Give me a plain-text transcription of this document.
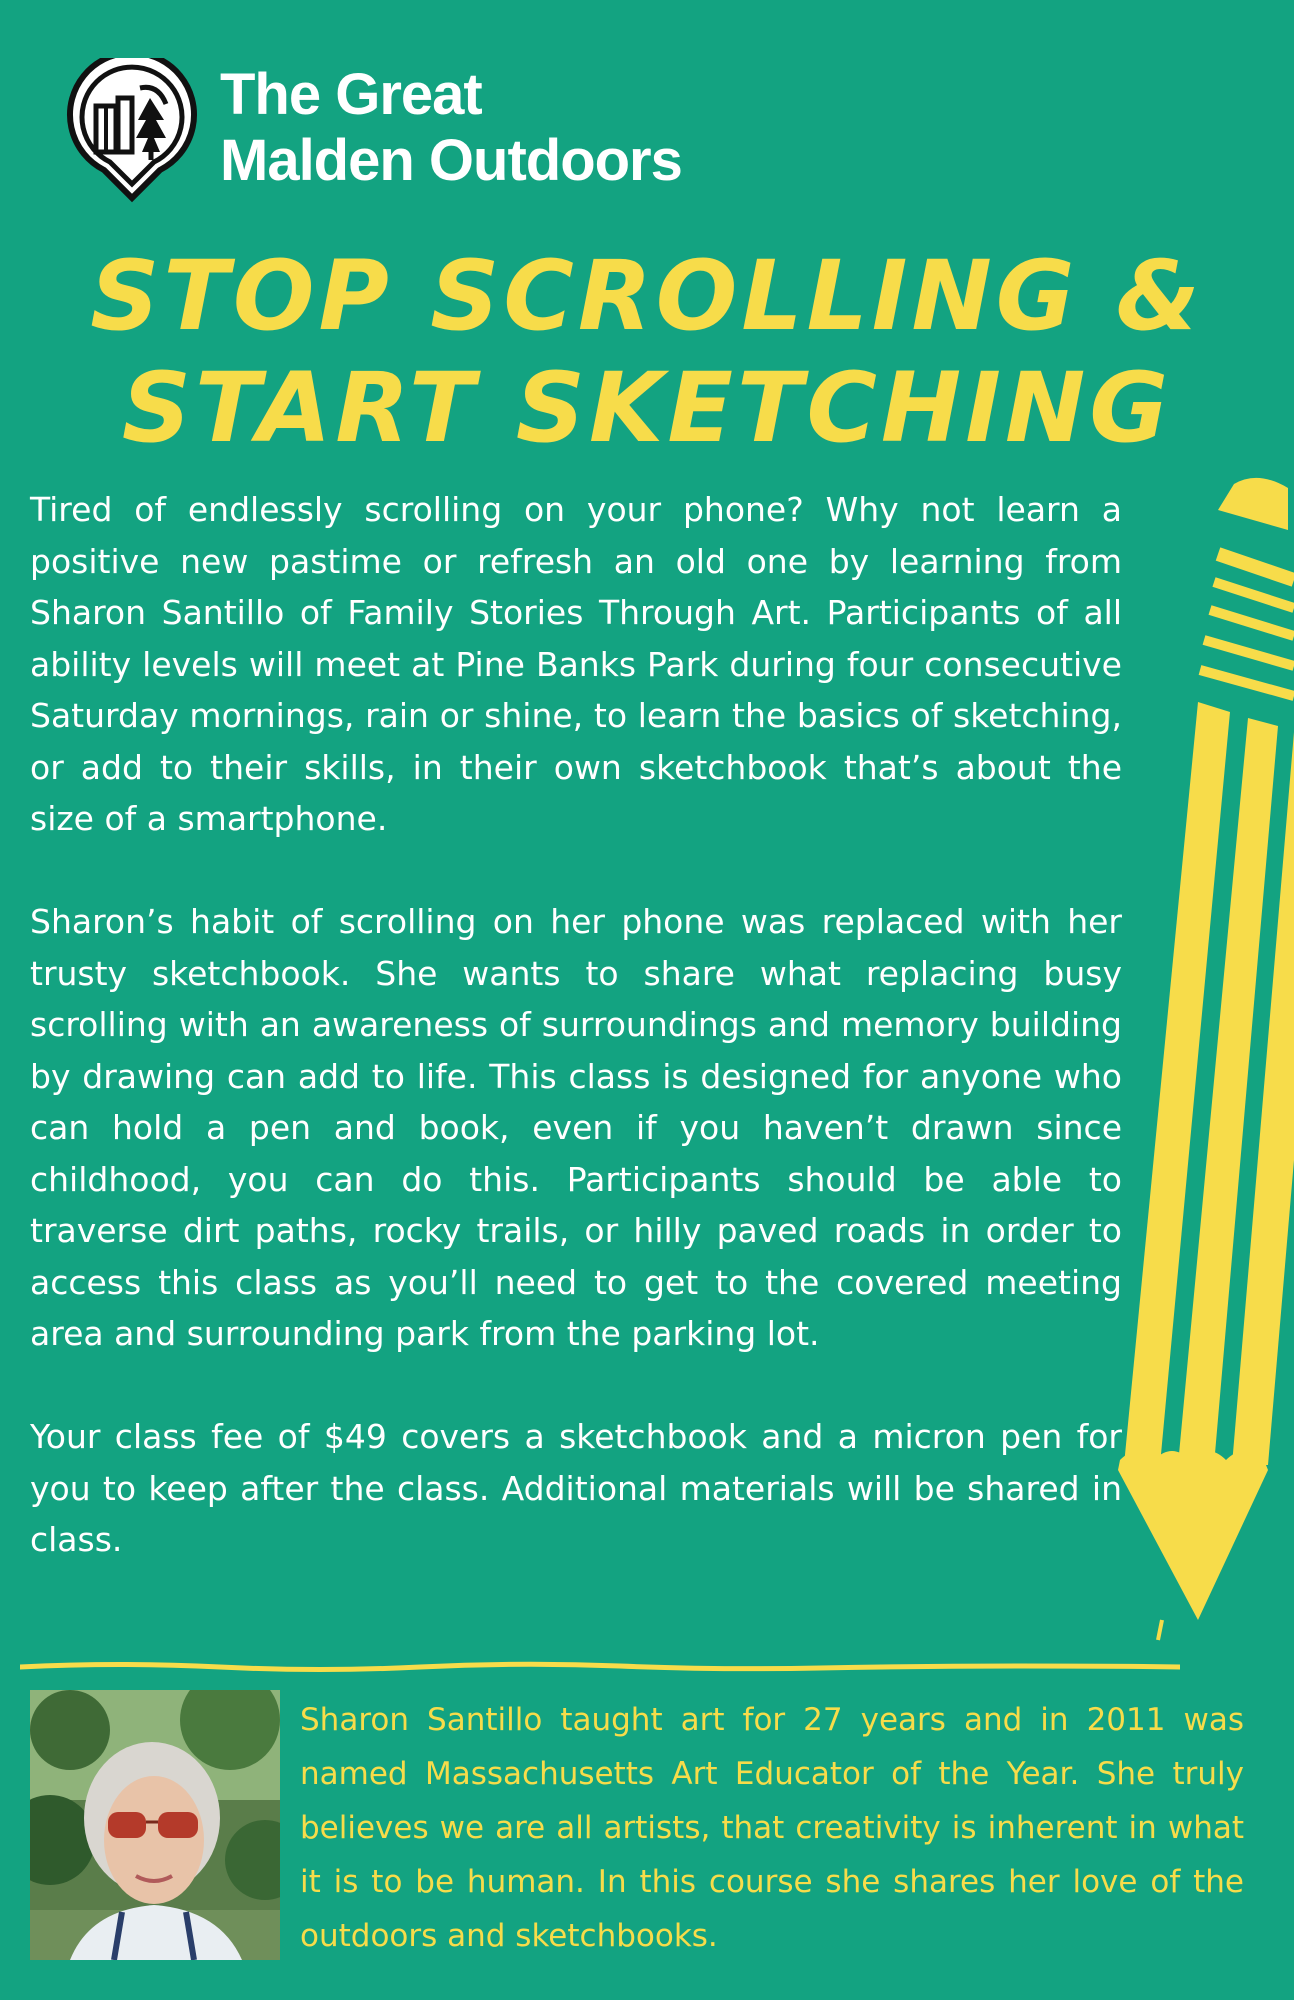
The Great
Malden Outdoors
STOP SCROLLING &
START SKETCHING

Tired of endlessly scrolling on your phone? Why not learn a positive new pastime or refresh an old one by learning from Sharon Santillo of Family Stories Through Art. Participants of all ability levels will meet at Pine Banks Park during four consecutive Saturday mornings, rain or shine, to learn the basics of sketching, or add to their skills, in their own sketchbook that’s about the size of a smartphone.

Sharon’s habit of scrolling on her phone was replaced with her trusty sketchbook. She wants to share what replacing busy scrolling with an awareness of surroundings and memory building by drawing can add to life. This class is designed for anyone who can hold a pen and book, even if you haven’t drawn since childhood, you can do this. Participants should be able to traverse dirt paths, rocky trails, or hilly paved roads in order to access this class as you’ll need to get to the covered meeting area and surrounding park from the parking lot.

Your class fee of $49 covers a sketchbook and a micron pen for you to keep after the class. Additional materials will be shared in class.

Sharon Santillo taught art for 27 years and in 2011 was named Massachusetts Art Educator of the Year. She truly believes we are all artists, that creativity is inherent in what it is to be human. In this course she shares her love of the outdoors and sketchbooks.
